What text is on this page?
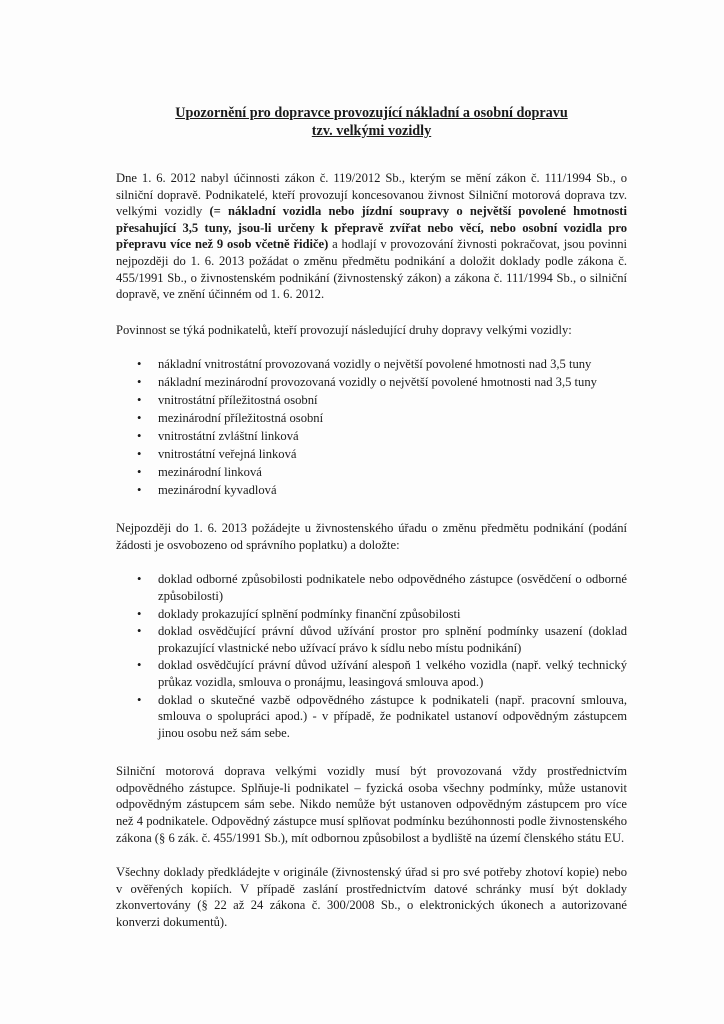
Upozornění pro dopravce provozující nákladní a osobní dopravu
tzv. velkými vozidly

Dne 1. 6. 2012 nabyl účinnosti zákon č. 119/2012 Sb., kterým se mění zákon č. 111/1994 Sb., o silniční dopravě. Podnikatelé, kteří provozují koncesovanou živnost Silniční motorová doprava tzv. velkými vozidly (= nákladní vozidla nebo jízdní soupravy o největší povolené hmotnosti přesahující 3,5 tuny, jsou-li určeny k přepravě zvířat nebo věcí, nebo osobní vozidla pro přepravu více než 9 osob včetně řidiče) a hodlají v provozování živnosti pokračovat, jsou povinni nejpozději do 1. 6. 2013 požádat o změnu předmětu podnikání a doložit doklady podle zákona č. 455/1991 Sb., o živnostenském podnikání (živnostenský zákon) a zákona č. 111/1994 Sb., o silniční dopravě, ve znění účinném od 1. 6. 2012.

Povinnost se týká podnikatelů, kteří provozují následující druhy dopravy velkými vozidly:

• nákladní vnitrostátní provozovaná vozidly o největší povolené hmotnosti nad 3,5 tuny
• nákladní mezinárodní provozovaná vozidly o největší povolené hmotnosti nad 3,5 tuny
• vnitrostátní příležitostná osobní
• mezinárodní příležitostná osobní
• vnitrostátní zvláštní linková
• vnitrostátní veřejná linková
• mezinárodní linková
• mezinárodní kyvadlová

Nejpozději do 1. 6. 2013 požádejte u živnostenského úřadu o změnu předmětu podnikání (podání žádosti je osvobozeno od správního poplatku) a doložte:

• doklad odborné způsobilosti podnikatele nebo odpovědného zástupce (osvědčení o odborné způsobilosti)
• doklady prokazující splnění podmínky finanční způsobilosti
• doklad osvědčující právní důvod užívání prostor pro splnění podmínky usazení (doklad prokazující vlastnické nebo užívací právo k sídlu nebo místu podnikání)
• doklad osvědčující právní důvod užívání alespoň 1 velkého vozidla (např. velký technický průkaz vozidla, smlouva o pronájmu, leasingová smlouva apod.)
• doklad o skutečné vazbě odpovědného zástupce k podnikateli (např. pracovní smlouva, smlouva o spolupráci apod.) - v případě, že podnikatel ustanoví odpovědným zástupcem jinou osobu než sám sebe.

Silniční motorová doprava velkými vozidly musí být provozovaná vždy prostřednictvím odpovědného zástupce. Splňuje-li podnikatel – fyzická osoba všechny podmínky, může ustanovit odpovědným zástupcem sám sebe. Nikdo nemůže být ustanoven odpovědným zástupcem pro více než 4 podnikatele. Odpovědný zástupce musí splňovat podmínku bezúhonnosti podle živnostenského zákona (§ 6 zák. č. 455/1991 Sb.), mít odbornou způsobilost a bydliště na území členského státu EU.

Všechny doklady předkládejte v originále (živnostenský úřad si pro své potřeby zhotoví kopie) nebo v ověřených kopiích. V případě zaslání prostřednictvím datové schránky musí být doklady zkonvertovány (§ 22 až 24 zákona č. 300/2008 Sb., o elektronických úkonech a autorizované konverzi dokumentů).
